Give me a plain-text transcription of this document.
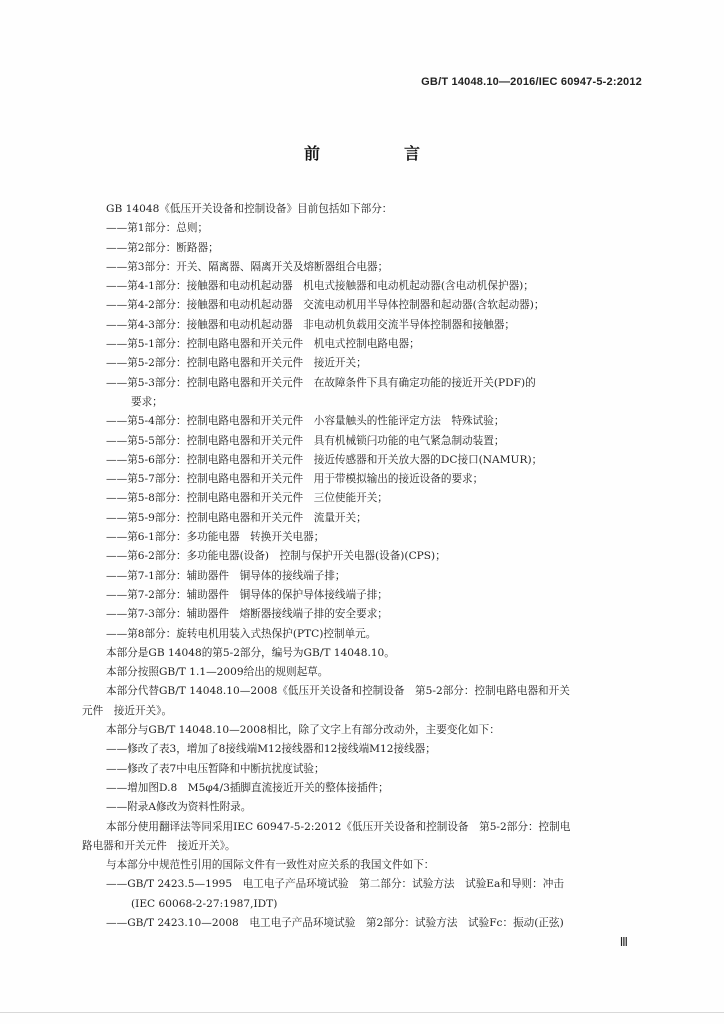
GB/T 14048.10—2016/IEC 60947-5-2:2012
前　言
GB 14048《低压开关设备和控制设备》目前包括如下部分：
——第1部分：总则；
——第2部分：断路器；
——第3部分：开关、隔离器、隔离开关及熔断器组合电器；
——第4-1部分：接触器和电动机起动器　机电式接触器和电动机起动器(含电动机保护器)；
——第4-2部分：接触器和电动机起动器　交流电动机用半导体控制器和起动器(含软起动器)；
——第4-3部分：接触器和电动机起动器　非电动机负载用交流半导体控制器和接触器；
——第5-1部分：控制电路电器和开关元件　机电式控制电路电器；
——第5-2部分：控制电路电器和开关元件　接近开关；
——第5-3部分：控制电路电器和开关元件　在故障条件下具有确定功能的接近开关(PDF)的
要求；
——第5-4部分：控制电路电器和开关元件　小容量触头的性能评定方法　特殊试验；
——第5-5部分：控制电路电器和开关元件　具有机械锁闩功能的电气紧急制动装置；
——第5-6部分：控制电路电器和开关元件　接近传感器和开关放大器的DC接口(NAMUR)；
——第5-7部分：控制电路电器和开关元件　用于带模拟输出的接近设备的要求；
——第5-8部分：控制电路电器和开关元件　三位使能开关；
——第5-9部分：控制电路电器和开关元件　流量开关；
——第6-1部分：多功能电器　转换开关电器；
——第6-2部分：多功能电器(设备)　控制与保护开关电器(设备)(CPS)；
——第7-1部分：辅助器件　铜导体的接线端子排；
——第7-2部分：辅助器件　铜导体的保护导体接线端子排；
——第7-3部分：辅助器件　熔断器接线端子排的安全要求；
——第8部分：旋转电机用装入式热保护(PTC)控制单元。
本部分是GB 14048的第5-2部分，编号为GB/T 14048.10。
本部分按照GB/T 1.1—2009给出的规则起草。
本部分代替GB/T 14048.10—2008《低压开关设备和控制设备　第5-2部分：控制电路电器和开关
元件　接近开关》。
本部分与GB/T 14048.10—2008相比，除了文字上有部分改动外，主要变化如下：
——修改了表3，增加了8接线端M12接线器和12接线端M12接线器；
——修改了表7中电压暂降和中断抗扰度试验；
——增加图D.8　M5φ4/3插脚直流接近开关的整体接插件；
——附录A修改为资料性附录。
本部分使用翻译法等同采用IEC 60947-5-2:2012《低压开关设备和控制设备　第5-2部分：控制电
路电器和开关元件　接近开关》。
与本部分中规范性引用的国际文件有一致性对应关系的我国文件如下：
——GB/T 2423.5—1995　电工电子产品环境试验　第二部分：试验方法　试验Ea和导则：冲击
(IEC 60068-2-27:1987,IDT)
——GB/T 2423.10—2008　电工电子产品环境试验　第2部分：试验方法　试验Fc：振动(正弦)
Ⅲ
